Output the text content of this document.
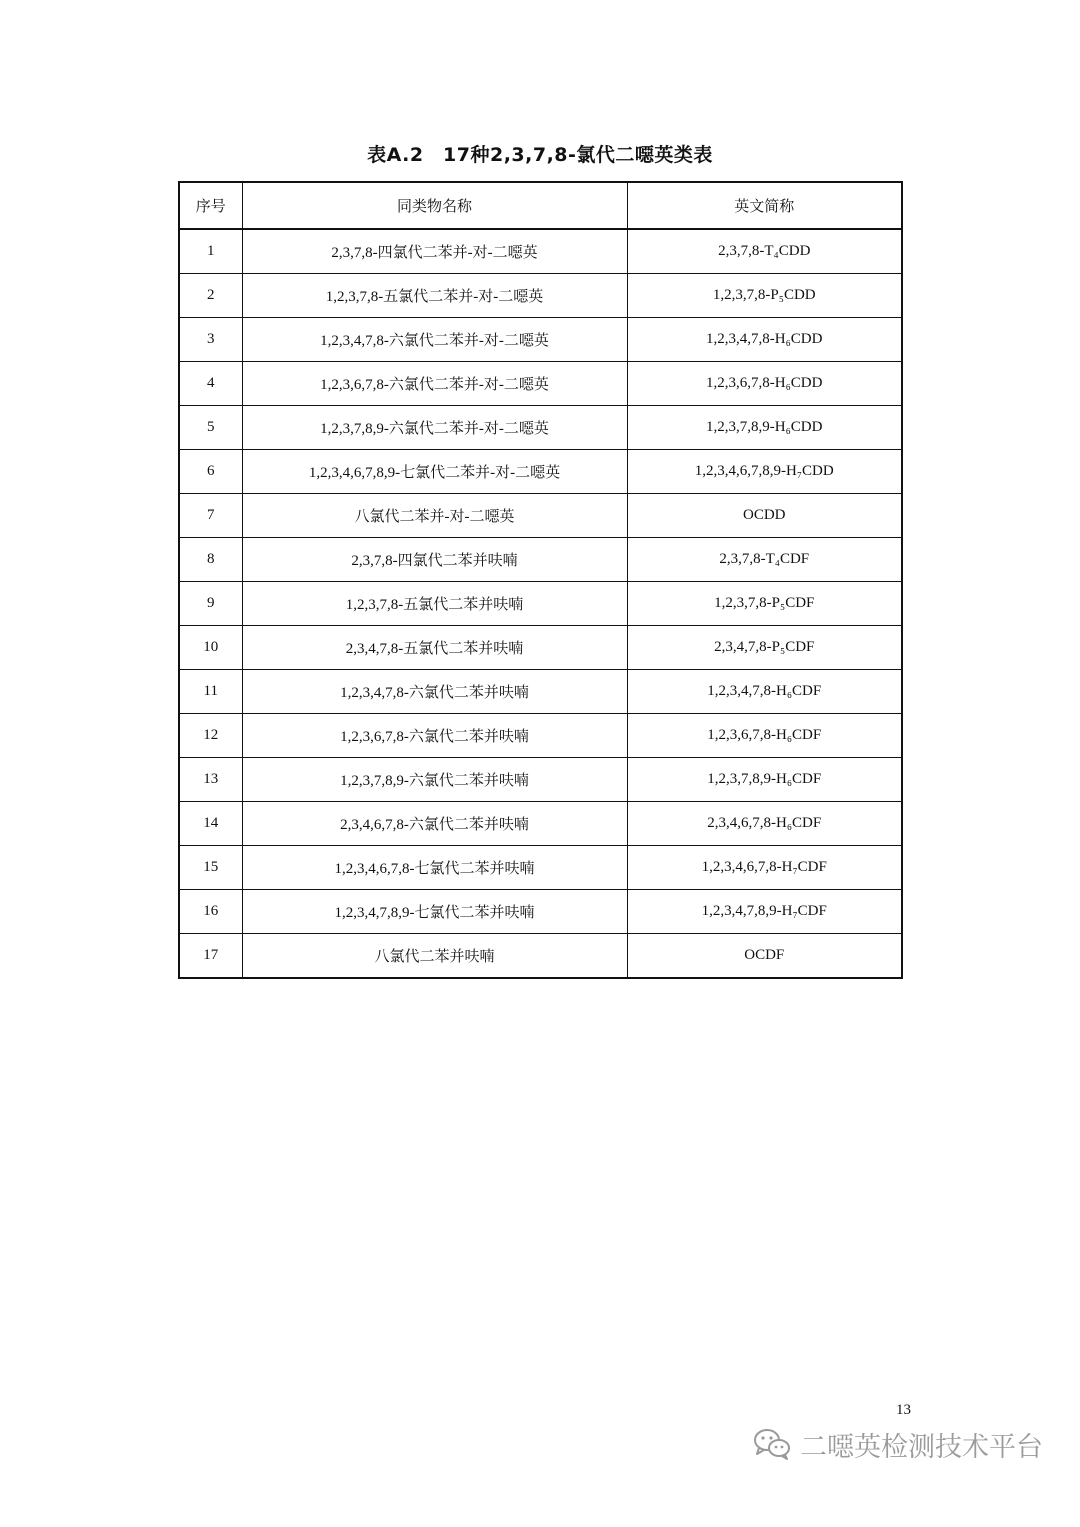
表A.2　17种2,3,7,8-氯代二噁英类表
序号	同类物名称	英文简称
1	2,3,7,8-四氯代二苯并-对-二噁英	2,3,7,8-T₄CDD
2	1,2,3,7,8-五氯代二苯并-对-二噁英	1,2,3,7,8-P₅CDD
3	1,2,3,4,7,8-六氯代二苯并-对-二噁英	1,2,3,4,7,8-H₆CDD
4	1,2,3,6,7,8-六氯代二苯并-对-二噁英	1,2,3,6,7,8-H₆CDD
5	1,2,3,7,8,9-六氯代二苯并-对-二噁英	1,2,3,7,8,9-H₆CDD
6	1,2,3,4,6,7,8,9-七氯代二苯并-对-二噁英	1,2,3,4,6,7,8,9-H₇CDD
7	八氯代二苯并-对-二噁英	OCDD
8	2,3,7,8-四氯代二苯并呋喃	2,3,7,8-T₄CDF
9	1,2,3,7,8-五氯代二苯并呋喃	1,2,3,7,8-P₅CDF
10	2,3,4,7,8-五氯代二苯并呋喃	2,3,4,7,8-P₅CDF
11	1,2,3,4,7,8-六氯代二苯并呋喃	1,2,3,4,7,8-H₆CDF
12	1,2,3,6,7,8-六氯代二苯并呋喃	1,2,3,6,7,8-H₆CDF
13	1,2,3,7,8,9-六氯代二苯并呋喃	1,2,3,7,8,9-H₆CDF
14	2,3,4,6,7,8-六氯代二苯并呋喃	2,3,4,6,7,8-H₆CDF
15	1,2,3,4,6,7,8-七氯代二苯并呋喃	1,2,3,4,6,7,8-H₇CDF
16	1,2,3,4,7,8,9-七氯代二苯并呋喃	1,2,3,4,7,8,9-H₇CDF
17	八氯代二苯并呋喃	OCDF
13
二噁英检测技术平台
